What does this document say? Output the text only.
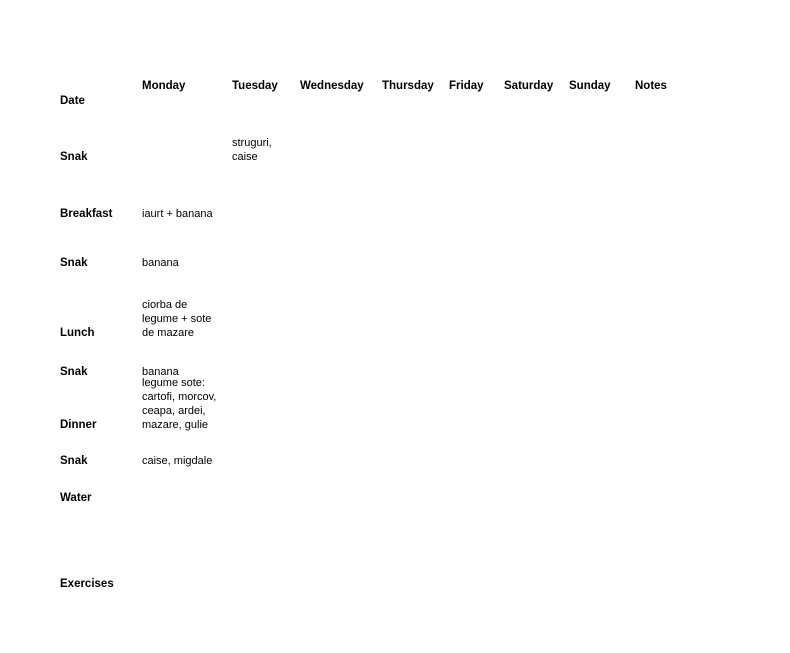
Monday	Tuesday Wednesday Thursday Friday Saturday Sunday Notes
Date
Snak
Breakfast
Snak
Lunch
Snak
Dinner
Snak
Water
Exercises
struguri,
caise
iaurt + banana
banana
ciorba de
legume + sote
de mazare
banana
legume sote:
cartofi, morcov,
ceapa, ardei,
mazare, gulie
caise, migdale
